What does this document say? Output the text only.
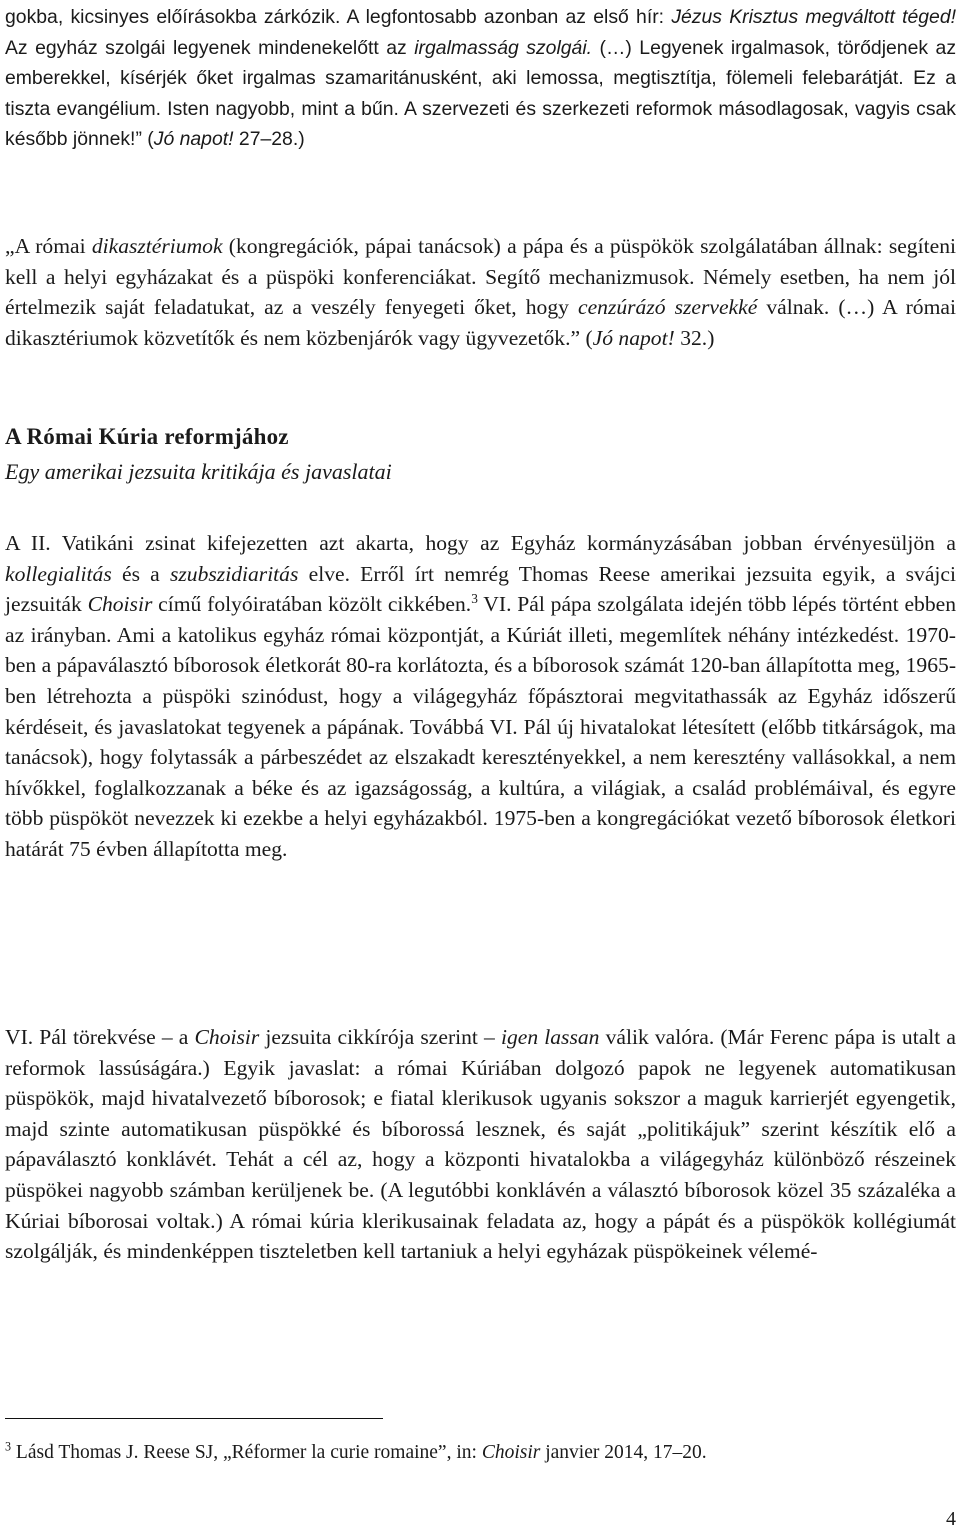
gokba, kicsinyes előírásokba zárkózik. A legfontosabb azonban az első hír: Jézus Krisztus megváltott téged! Az egyház szolgái legyenek mindenekelőtt az irgalmasság szolgái. (…) Legyenek irgalmasok, törődjenek az emberekkel, kísérjék őket irgalmas szamaritánusként, aki lemossa, megtisztítja, fölemeli felebarátját. Ez a tiszta evangélium. Isten nagyobb, mint a bűn. A szervezeti és szerkezeti reformok másodlagosak, vagyis csak később jönnek!” (Jó napot! 27–28.)
„A római dikasztériumok (kongregációk, pápai tanácsok) a pápa és a püspökök szolgálatában állnak: segíteni kell a helyi egyházakat és a püspöki konferenciákat. Segítő mechanizmusok. Némely esetben, ha nem jól értelmezik saját feladatukat, az a veszély fenyegeti őket, hogy cenzúrázó szervekké válnak. (…) A római dikasztériumok közvetítők és nem közbenjárók vagy ügyvezetők.” (Jó napot! 32.)
A Római Kúria reformjához
Egy amerikai jezsuita kritikája és javaslatai
A II. Vatikáni zsinat kifejezetten azt akarta, hogy az Egyház kormányzásában jobban érvényesüljön a kollegialitás és a szubszidiaritás elve. Erről írt nemrég Thomas Reese amerikai jezsuita egyik, a svájci jezsuiták Choisir című folyóiratában közölt cikkében.$^3$ VI. Pál pápa szolgálata idején több lépés történt ebben az irányban. Ami a katolikus egyház római központját, a Kúriát illeti, megemlítek néhány intézkedést. 1970-ben a pápaválasztó bíborosok életkorát 80-ra korlátozta, és a bíborosok számát 120-ban állapította meg, 1965-ben létrehozta a püspöki szinódust, hogy a világegyház főpásztorai megvitathassák az Egyház időszerű kérdéseit, és javaslatokat tegyenek a pápának. Továbbá VI. Pál új hivatalokat létesített (előbb titkárságok, ma tanácsok), hogy folytassák a párbeszédet az elszakadt keresztényekkel, a nem keresztény vallásokkal, a nem hívőkkel, foglalkozzanak a béke és az igazságosság, a kultúra, a világiak, a család problémáival, és egyre több püspököt nevezzek ki ezekbe a helyi egyházakból. 1975-ben a kongregációkat vezető bíborosok életkori határát 75 évben állapította meg.
VI. Pál törekvése – a Choisir jezsuita cikkírója szerint – igen lassan válik valóra. (Már Ferenc pápa is utalt a reformok lassúságára.) Egyik javaslat: a római Kúriában dolgozó papok ne legyenek automatikusan püspökök, majd hivatalvezető bíborosok; e fiatal klerikusok ugyanis sokszor a maguk karrierjét egyengetik, majd szinte automatikusan püspökké és bíborossá lesznek, és saját „politikájuk” szerint készítik elő a pápaválasztó konklávét. Tehát a cél az, hogy a központi hivatalokba a világegyház különböző részeinek püspökei nagyobb számban kerüljenek be. (A legutóbbi konklávén a választó bíborosok közel 35 százaléka a Kúriai bíborosai voltak.) A római kúria klerikusainak feladata az, hogy a pápát és a püspökök kollégiumát szolgálják, és mindenképpen tiszteletben kell tartaniuk a helyi egyházak püspökeinek vélemé-
$^3$ Lásd Thomas J. Reese SJ, „Réformer la curie romaine”, in: Choisir janvier 2014, 17–20.
4
